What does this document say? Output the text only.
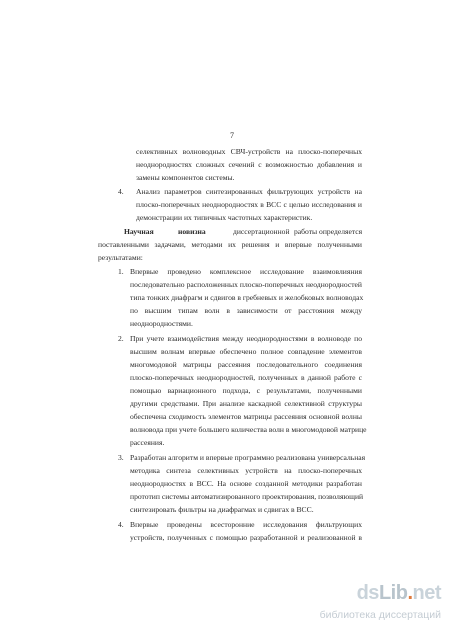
7
селективных волноводных СВЧ-устройств на плоско-поперечных
неоднородностях сложных сечений с возможностью добавления и
замены компонентов системы.
4. Анализ параметров синтезированных фильтрующих устройств на
плоско-поперечных неоднородностях в ВСС с целью исследования и
демонстрации их типичных частотных характеристик.
Научная	новизна	диссертационной работы определяется
поставленными задачами, методами их решения и впервые полученными
результатами:
1. Впервые проведено комплексное исследование взаимовлияния
последовательно расположенных плоско-поперечных неоднородностей
типа тонких диафрагм и сдвигов в гребневых и желобковых волноводах
по высшим типам волн в зависимости от расстояния между
неоднородностями.
2. При учете взаимодействия между неоднородностями в волноводе по
высшим волнам впервые обеспечено полное совпадение элементов
многомодовой матрицы рассеяния последовательного соединения
плоско-поперечных неоднородностей, полученных в данной работе с
помощью вариационного подхода, с результатами, полученными
другими средствами. При анализе каскадной селективной структуры
обеспечена сходимость элементов матрицы рассеяния основной волны
волновода при учете большего количества волн в многомодовой матрице
рассеяния.
3. Разработан алгоритм и впервые программно реализована универсальная
методика синтеза селективных устройств на плоско-поперечных
неоднородностях в ВСС. На основе созданной методики разработан
прототип системы автоматизированного проектирования, позволяющий
синтезировать фильтры на диафрагмах и сдвигах в ВСС.
4. Впервые проведены всесторонние исследования фильтрующих
устройств, полученных с помощью разработанной и реализованной в
dsLib.net
библиотека диссертаций
